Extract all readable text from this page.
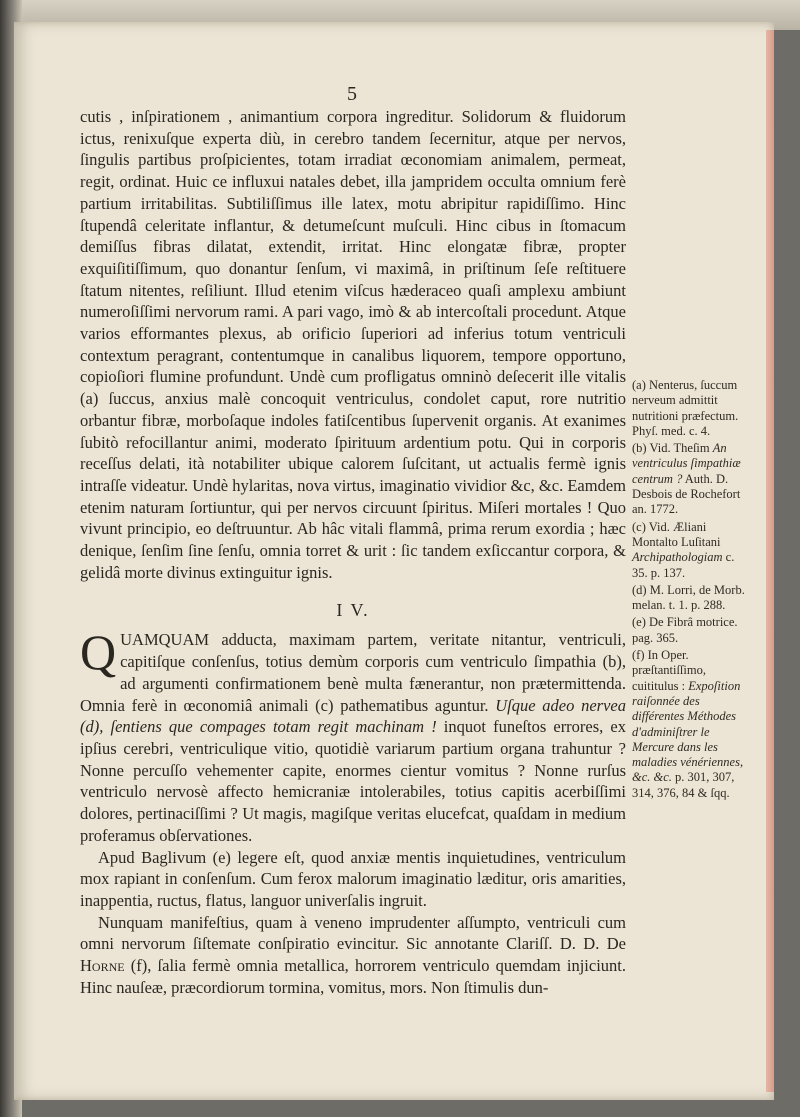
5

cutis , inſpirationem , animantium corpora ingreditur. Solidorum & fluidorum ictus, renixuſque experta diù, in cerebro tandem ſecernitur, atque per nervos, ſingulis partibus proſpicientes, totam irradiat œconomiam animalem, permeat, regit, ordinat. Huic ce influxui natales debet, illa jampridem occulta omnium ferè partium irritabilitas. Subtiliſſimus ille latex, motu abripitur rapidiſſimo. Hinc ſtupendâ celeritate inflantur, & detumeſcunt muſculi. Hinc cibus in ſtomacum demiſſus fibras dilatat, extendit, irritat. Hinc elongatæ fibræ, propter exquiſitiſſimum, quo donantur ſenſum, vi maximâ, in priſtinum ſeſe reſtituere ſtatum nitentes, reſiliunt. Illud etenim viſcus hæderaceo quaſi amplexu ambiunt numeroſiſſimi nervorum rami. A pari vago, imò & ab intercoſtali procedunt. Atque varios efformantes plexus, ab orificio ſuperiori ad inferius totum ventriculi contextum peragrant, contentumque in canalibus liquorem, tempore opportuno, copioſiori flumine profundunt. Undè cum profligatus omninò deſecerit ille vitalis (a) ſuccus, anxius malè concoquit ventriculus, condolet caput, rore nutritio orbantur fibræ, morboſaque indoles fatiſcentibus ſupervenit organis. At exanimes ſubitò refocillantur animi, moderato ſpirituum ardentium potu. Qui in corporis receſſus delati, ità notabiliter ubique calorem ſuſcitant, ut actualis fermè ignis intraſſe videatur. Undè hylaritas, nova virtus, imaginatio vividior &c, &c. Eamdem etenim naturam ſortiuntur, qui per nervos circuunt ſpiritus. Miſeri mortales ! Quo vivunt principio, eo deſtruuntur. Ab hâc vitali flammâ, prima rerum exordia ; hæc denique, ſenſim ſine ſenſu, omnia torret & urit : ſic tandem exſiccantur corpora, & gelidâ morte divinus extinguitur ignis.

I V.

QUAMQUAM adducta, maximam partem, veritate nitantur, ventriculi, capitiſque conſenſus, totius demùm corporis cum ventriculo ſimpathia (b), ad argumenti confirmationem benè multa fænerantur, non prætermittenda. Omnia ferè in œconomiâ animali (c) pathematibus aguntur. Uſque adeo nervea (d), ſentiens que compages totam regit machinam ! inquot funeſtos errores, ex ipſius cerebri, ventriculique vitio, quotidiè variarum partium organa trahuntur ? Nonne percuſſo vehementer capite, enormes cientur vomitus ? Nonne rurſus ventriculo nervosè affecto hemicraniæ intolerabiles, totius capitis acerbiſſimi dolores, pertinaciſſimi ? Ut magis, magiſque veritas elucefcat, quaſdam in medium proferamus obſervationes.

Apud Baglivum (e) legere eſt, quod anxiæ mentis inquietudines, ventriculum mox rapiant in conſenſum. Cum ferox malorum imaginatio læditur, oris amarities, inappentia, ructus, flatus, languor univerſalis ingruit.

Nunquam manifeſtius, quam à veneno imprudenter aſſumpto, ventriculi cum omni nervorum ſiſtemate conſpiratio evincitur. Sic annotante Clariſſ. D. D. De Horne (f), ſalia fermè omnia metallica, horrorem ventriculo quemdam injiciunt. Hinc nauſeæ, præcordiorum tormina, vomitus, mors. Non ſtimulis dun-

(a) Nenterus, ſuccum nerveum admittit nutritioni præfectum. Phyſ. med. c. 4.

(b) Vid. Theſim An ventriculus ſimpathiæ centrum ? Auth. D. Desbois de Rochefort an. 1772.

(c) Vid. Æliani Montalto Luſitani Archipathologiam c. 35. p. 137.

(d) M. Lorri, de Morb. melan. t. 1. p. 288.

(e) De Fibrâ motrice. pag. 365.

(f) In Oper. præſtantiſſimo, cuititulus : Expoſition raiſonnée des différentes Méthodes d'adminiſtrer le Mercure dans les maladies vénériennes, &c. &c. p. 301, 307, 314, 376, 84 & ſqq.
